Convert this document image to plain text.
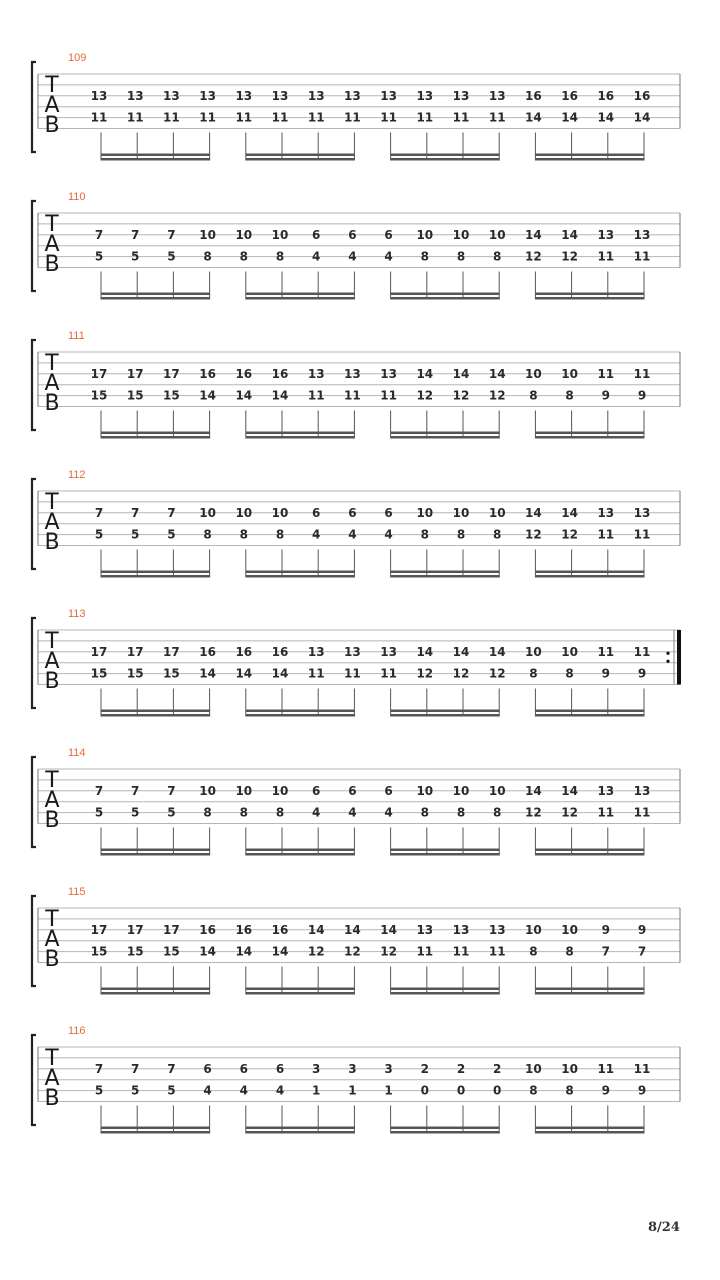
109
T
A
B
13 13 13 13 13 13 13 13 13 13 13 13 16 16 16 16
11 11 11 11 11 11 11 11 11 11 11 11 14 14 14 14
110
T
A
B
7 7 7 10 10 10 6 6 6 10 10 10 14 14 13 13
5 5 5 8 8 8 4 4 4 8 8 8 12 12 11 11
111
T
A
B
17 17 17 16 16 16 13 13 13 14 14 14 10 10 11 11
15 15 15 14 14 14 11 11 11 12 12 12 8 8 9 9
112
T
A
B
7 7 7 10 10 10 6 6 6 10 10 10 14 14 13 13
5 5 5 8 8 8 4 4 4 8 8 8 12 12 11 11
113
T
A
B
17 17 17 16 16 16 13 13 13 14 14 14 10 10 11 11
15 15 15 14 14 14 11 11 11 12 12 12 8 8 9 9
114
T
A
B
7 7 7 10 10 10 6 6 6 10 10 10 14 14 13 13
5 5 5 8 8 8 4 4 4 8 8 8 12 12 11 11
115
T
A
B
17 17 17 16 16 16 14 14 14 13 13 13 10 10 9 9
15 15 15 14 14 14 12 12 12 11 11 11 8 8 7 7
116
T
A
B
7 7 7 6 6 6 3 3 3 2 2 2 10 10 11 11
5 5 5 4 4 4 1 1 1 0 0 0 8 8 9 9
8/24
